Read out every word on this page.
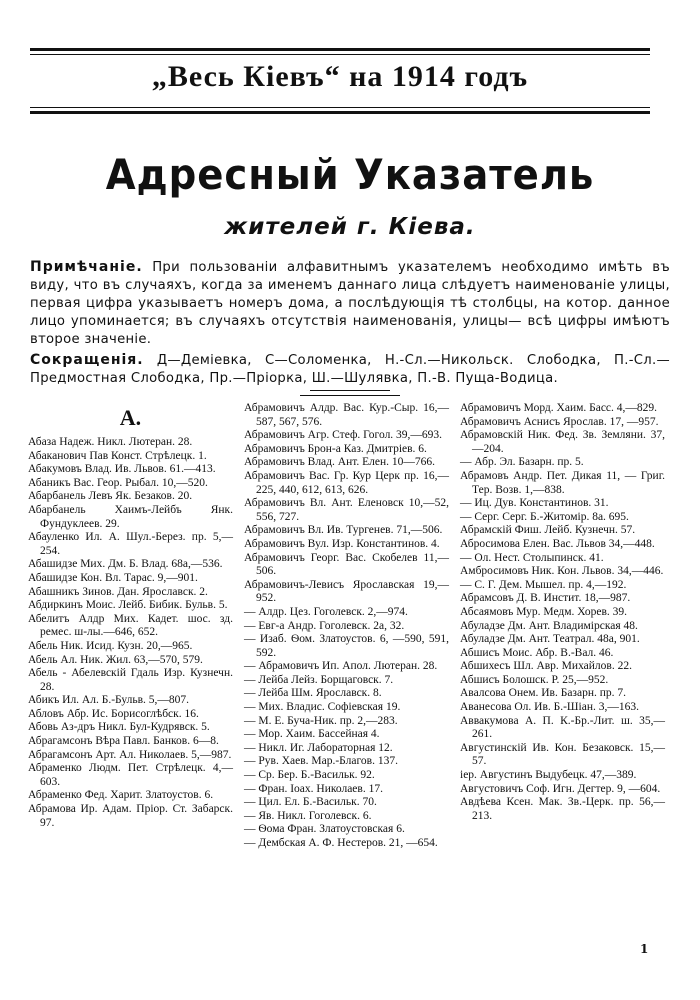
„Весь Кіевъ“ на 1914 годъ
Адресный Указатель
жителей г. Кіева.

Примѣчаніе. При пользованіи алфавитнымъ указателемъ необходимо имѣть въ виду, что въ случаяхъ, когда за именемъ даннаго лица слѣдуетъ наименованіе улицы, первая цифра указываетъ номеръ дома, а послѣдующія тѣ столбцы, на котор. данное лицо упоминается; въ случаяхъ отсутствія наименованія, улицы— всѣ цифры имѣютъ второе значеніе.

Сокращенія. Д—Деміевка, С—Соломенка, Н.-Сл.—Никольск. Слободка, П.-Сл.—Предмостная Слободка, Пр.—Пріорка, Ш.—Шулявка, П.-В. Пуща-Водица.

А.

Абаза Надеж. Никл. Лютеран. 28.

Абаканович Пав Конст. Стрѣлецк. 1.

Абакумовъ Влад. Ив. Львов. 61.—413.

Абаникъ Вас. Геор. Рыбал. 10,—520.

Абарбанель Левъ Як. Безаков. 20.

Абарбанель Хаимъ-Лейбъ Янк. Фундуклеев. 29.

Абауленко Ил. А. Шул.-Берез. пр. 5,—254.

Абашидзе Мих. Дм. Б. Влад. 68а,—536.

Абашидзе Кон. Вл. Тарас. 9,—901.

Абашникъ Зинов. Дан. Ярославск. 2.

Абдиркинъ Моис. Лейб. Бибик. Бульв. 5.

Абелитъ Алдр Мих. Кадет. шос. зд. ремес. ш-лы.—646, 652.

Абель Ник. Исид. Кузн. 20,—965.

Абель Ал. Ник. Жил. 63,—570, 579.

Абель - Абелевскій Гдаль Изр. Кузнечн. 28.

Абикъ Ил. Ал. Б.-Бульв. 5,—807.

Абловъ Абр. Ис. Борисоглѣбск. 16.

Абовь Аз-дръ Никл. Бул-Кудрявск. 5.

Абрагамсонъ Вѣра Павл. Банков. 6—8.

Абрагамсонъ Арт. Ал. Николаев. 5,—987.

Абраменко Людм. Пет. Стрѣлецк. 4,—603.

Абраменко Фед. Харит. Златоустов. 6.

Абрамова Ир. Адам. Пріор. Ст. Забарск. 97.

Абрамовичъ Алдр. Вас. Кур.-Сыр. 16,—587, 567, 576.

Абрамовичъ Агр. Стеф. Гогол. 39,—693.

Абрамовичъ Брон-а Каз. Дмитріев. 6.

Абрамовичъ Влад. Ант. Елен. 10—766.

Абрамовичъ Вас. Гр. Кур Церк пр. 16,—225, 440, 612, 613, 626.

Абрамовичъ Вл. Ант. Еленовск 10,—52, 556, 727.

Абрамовичъ Вл. Ив. Тургенев. 71,—506.

Абрамовичъ Вул. Изр. Константинов. 4.

Абрамовичъ Георг. Вас. Скобелев 11,—506.

Абрамовичъ-Левисъ Ярославская 19,—952.

— Алдр. Цез. Гоголевск. 2,—974.

— Евг-а Андр. Гоголевск. 2а, 32.

— Изаб. Ѳом. Златоустов. 6, —590, 591, 592.

— Абрамовичъ Ип. Апол. Лютеран. 28.

— Лейба Лейз. Борщаговск. 7.

— Лейба Шм. Ярославск. 8.

— Мих. Владис. Софіевская 19.

— М. Е. Буча-Ник. пр. 2,—283.

— Мор. Хаим. Бассейная 4.

— Никл. Иг. Лабораторная 12.

— Рув. Хаев. Мар.-Благов. 137.

— Ср. Бер. Б.-Васильк. 92.

— Фран. Іоах. Николаев. 17.

— Цил. Ел. Б.-Васильк. 70.

— Яв. Никл. Гоголевск. 6.

— Ѳома Фран. Златоустовская 6.

— Дембская А. Ф. Нестеров. 21, —654.

Абрамовичъ Морд. Хаим. Басс. 4,—829.

Абрамовичъ Аснисъ Ярослав. 17, —957.

Абрамовскій Ник. Фед. Зв. Земляни. 37,—204.

— Абр. Эл. Базарн. пр. 5.

Абрамовъ Андр. Пет. Дикая 11, — Григ. Тер. Возв. 1,—838.

— Иц. Дув. Константинов. 31.

— Серг. Серг. Б.-Житомір. 8а. 695.

Абрамскій Фиш. Лейб. Кузнечн. 57.

Абросимова Елен. Вас. Львов 34,—448.

— Ол. Нест. Столыпинск. 41.

Амбросимовъ Ник. Кон. Львов. 34,—446.

— С. Г. Дем. Мышел. пр. 4,—192.

Абрамсовъ Д. В. Инстит. 18,—987.

Абсаямовъ Мур. Медм. Хорев. 39.

Абуладзе Дм. Ант. Владимірская 48.

Абуладзе Дм. Ант. Театрал. 48а, 901.

Абшисъ Моис. Абр. В.-Вал. 46.

Абшихесъ Шл. Авр. Михайлов. 22.

Абшисъ Болошск. Р. 25,—952.

Авалсова Онем. Ив. Базарн. пр. 7.

Аванесова Ол. Ив. Б.-Шіан. 3,—163.

Аввакумова А. П. К.-Бр.-Лит. ш. 35,—261.

Августинскій Ив. Кон. Безаковск. 15,—57.

іер. Августинъ Выдубецк. 47,—389.

Августовичъ Соф. Игн. Дегтер. 9, —604.

Авдѣева Ксен. Мак. Зв.-Церк. пр. 56,—213.

1
